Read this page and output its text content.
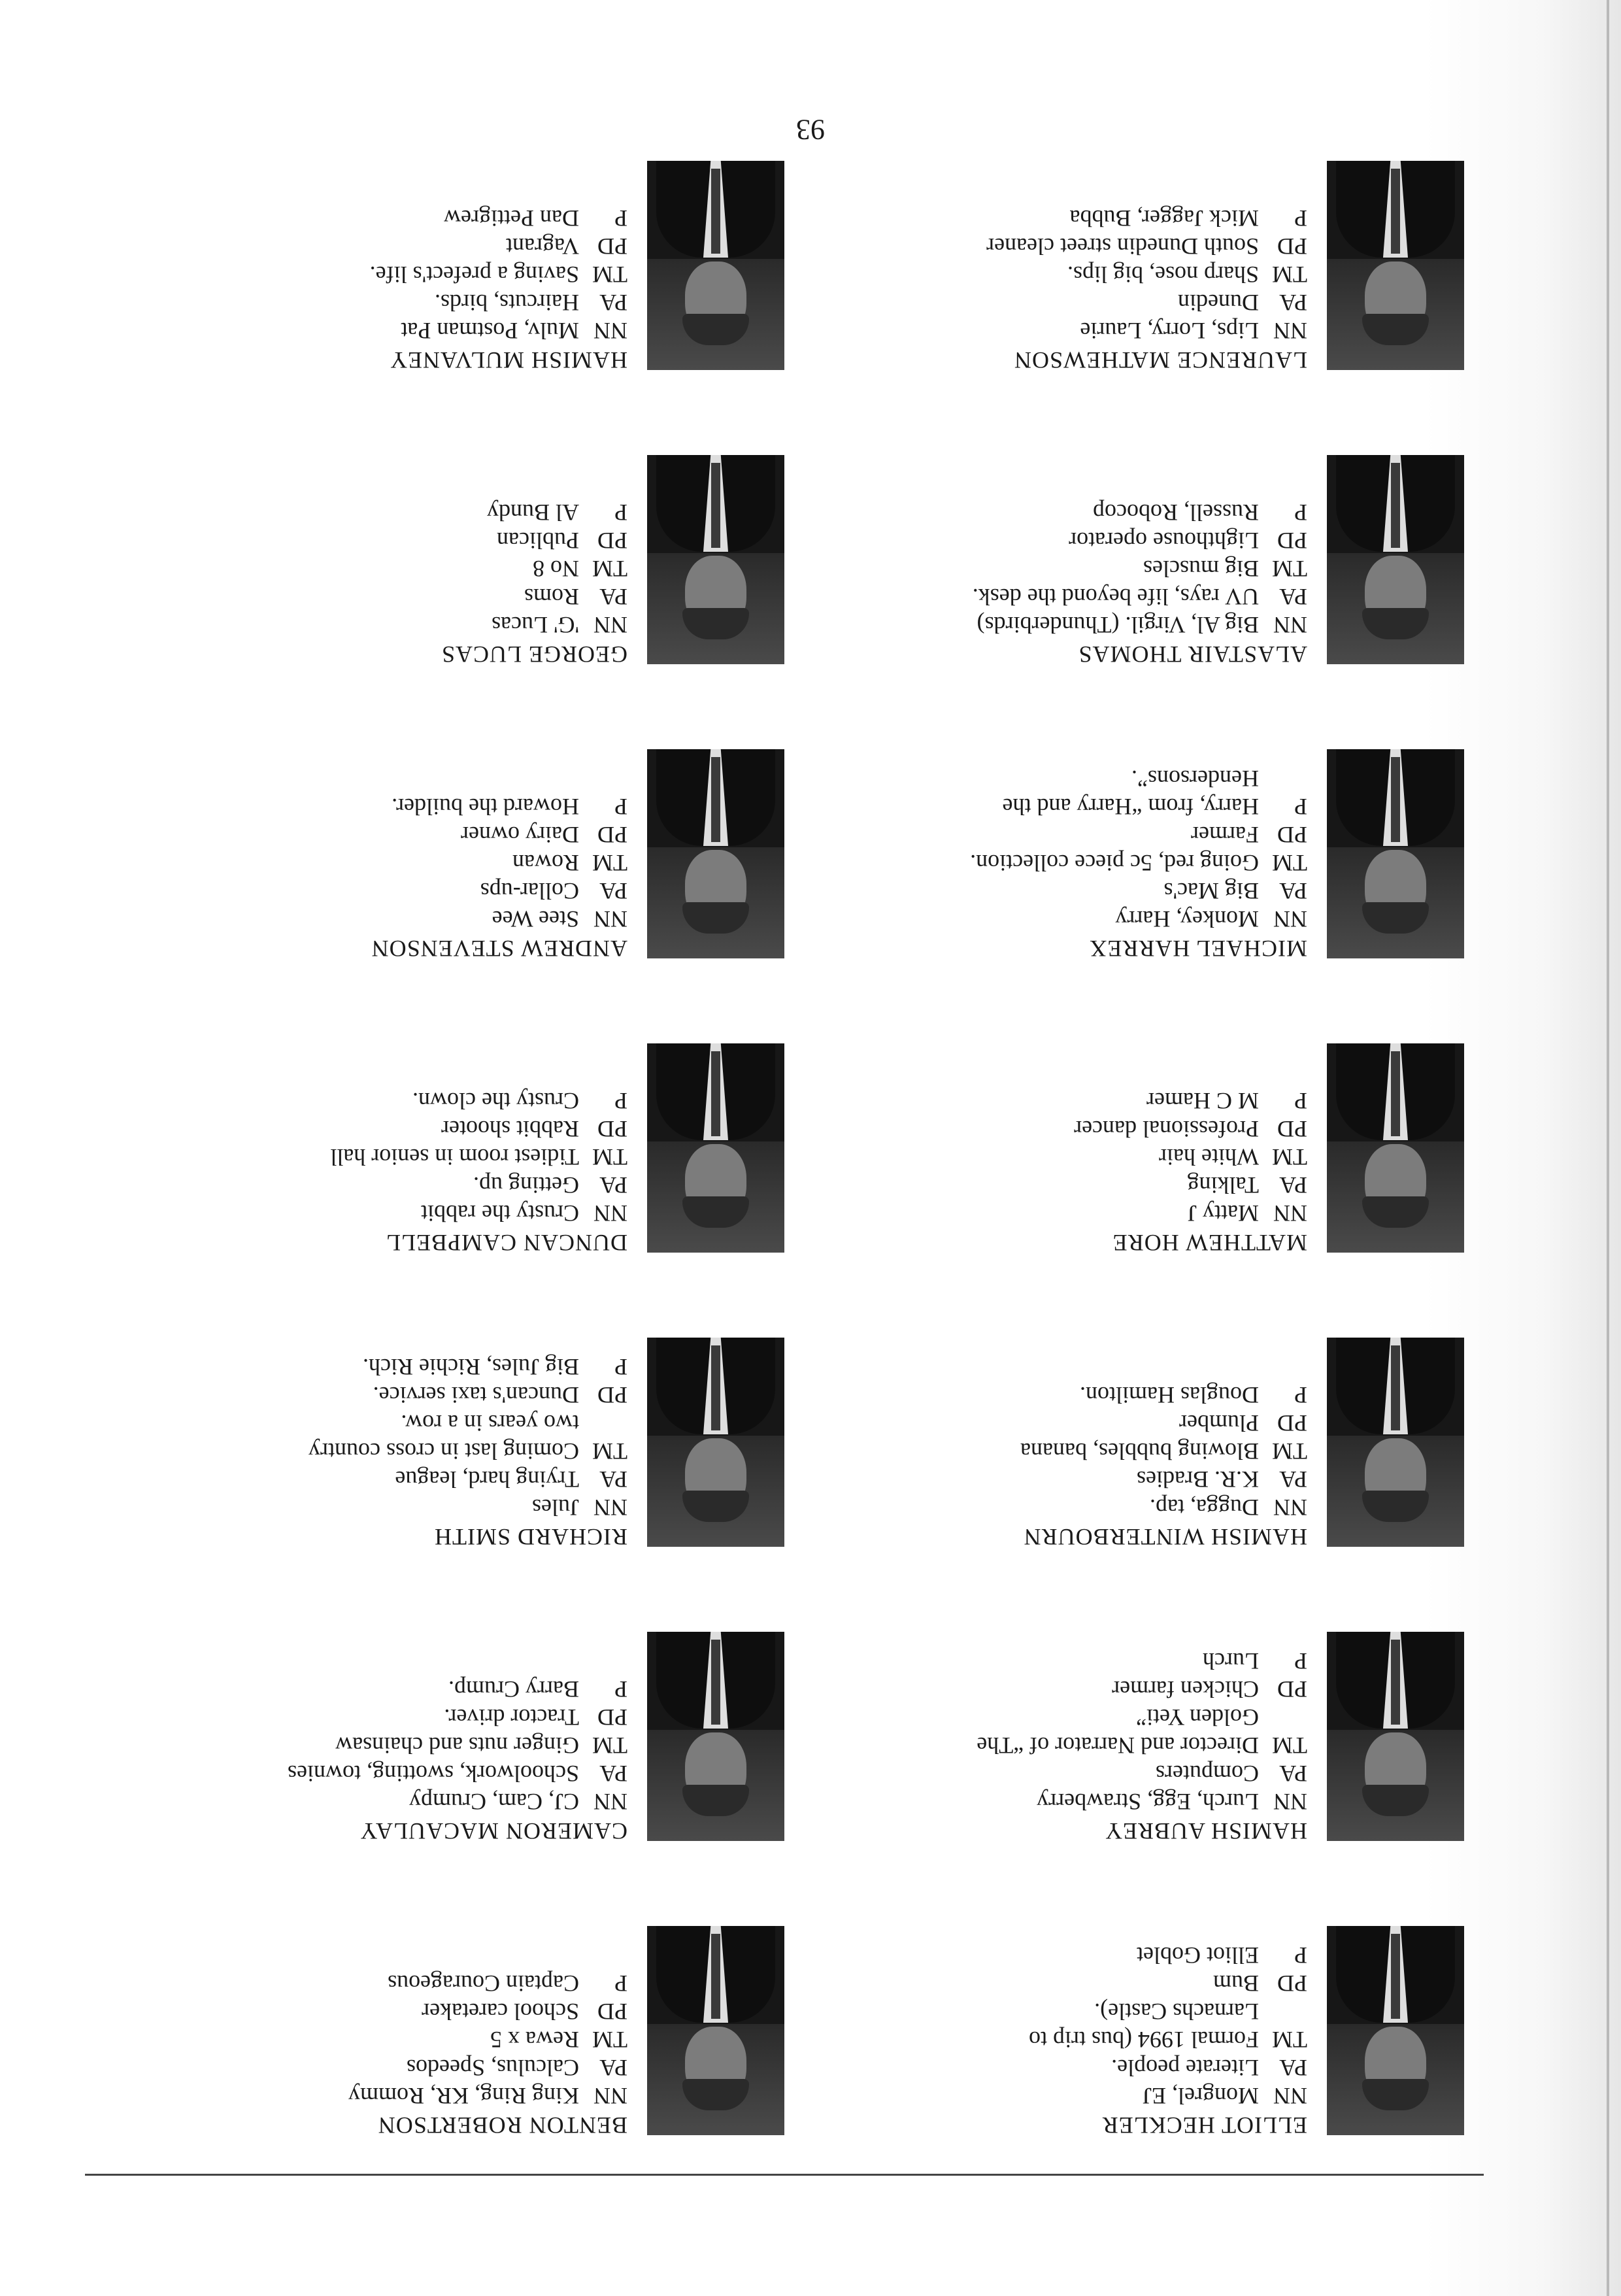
ELLIOT HECKLER
NN
Mongrel, EJ
PA
Literate people.
TM
Formal 1994 (bus trip to
Larnachs Castle).
PD
Bum
P
Elliot Goblet
BENTON ROBERTSON
NN
King Ring, KR, Rommy
PA
Calculus, Speedos
TM
Rewa x 5
PD
School caretaker
P
Captain Courageous
HAMISH AUBREY
NN
Lurch, Egg, Strawberry
PA
Computers
TM
Director and Narrator of “The
Golden Yeti”
PD
Chicken farmer
P
Lurch
CAMERON MACAULAY
NN
CJ, Cam, Crumpy
PA
Schoolwork, swotting, townies
TM
Ginger nuts and chainsaw
PD
Tractor driver.
P
Barry Crump.
HAMISH WINTERBOURN
NN
Dugga, tap.
PA
K.R. Bradies
TM
Blowing bubbles, banana
PD
Plumber
P
Douglas Hamilton.
RICHARD SMITH
NN
Jules
PA
Trying hard, league
TM
Coming last in cross country
two years in a row.
PD
Duncan's taxi service.
P
Big Jules, Richie Rich.
MATTHEW HORE
NN
Matty J
PA
Talking
TM
White hair
PD
Professional dancer
P
M C Hamer
DUNCAN CAMPBELL
NN
Crusty the rabbit
PA
Getting up.
TM
Tidiest room in senior hall
PD
Rabbit shooter
P
Crusty the clown.
MICHAEL HARREX
NN
Monkey, Harry
PA
Big Mac's
TM
Going red, 5c piece collection.
PD
Farmer
P
Harry, from “Harry and the
Hendersons”.
ANDREW STEVENSON
NN
Stee Wee
PA
Collar-ups
TM
Rowan
PD
Dairy owner
P
Howard the builder.
ALASTAIR THOMAS
NN
Big Al, Virgil. (Thunderbirds)
PA
UV rays, life beyond the desk.
TM
Big muscles
PD
Lighthouse operator
P
Russell, Robocop
GEORGE LUCAS
NN
'G' Lucas
PA
Roms
TM
No 8
PD
Publican
P
Al Bundy
LAURENCE MATHEWSON
NN
Lips, Lorry, Laurie
PA
Dunedin
TM
Sharp nose, big lips.
PD
South Dunedin street cleaner
P
Mick Jagger, Bubba
HAMISH MULVANEY
NN
Mulv, Postman Pat
PA
Haircuts, birds.
TM
Saving a prefect's life.
PD
Vagrant
P
Dan Pettigrew
93
